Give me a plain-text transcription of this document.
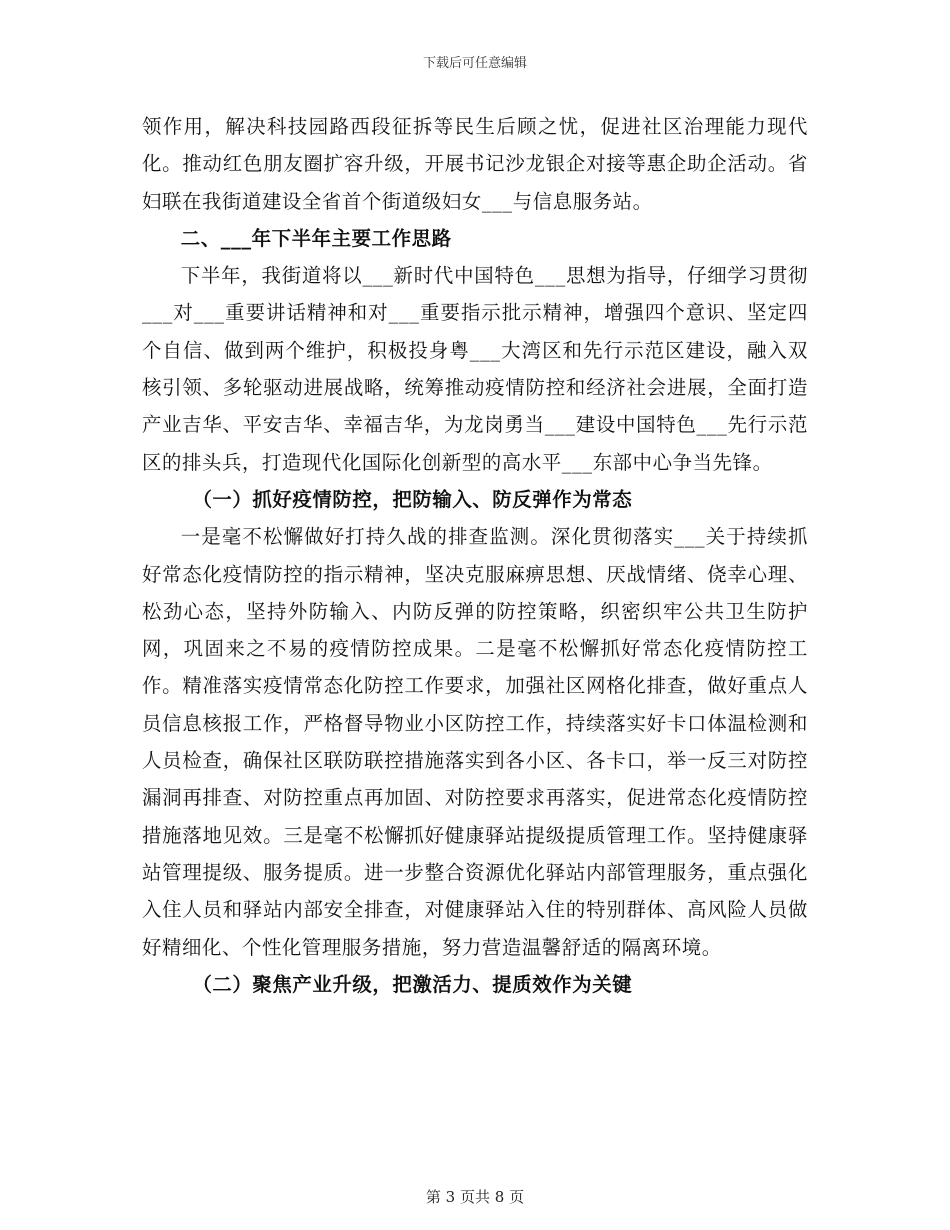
下载后可任意编辑

领作用，解决科技园路西段征拆等民生后顾之忧，促进社区治理能力现代化。推动红色朋友圈扩容升级，开展书记沙龙银企对接等惠企助企活动。省妇联在我街道建设全省首个街道级妇女___与信息服务站。

二、___年下半年主要工作思路

下半年，我街道将以___新时代中国特色___思想为指导，仔细学习贯彻___对___重要讲话精神和对___重要指示批示精神，增强四个意识、坚定四个自信、做到两个维护，积极投身粤___大湾区和先行示范区建设，融入双核引领、多轮驱动进展战略，统筹推动疫情防控和经济社会进展，全面打造产业吉华、平安吉华、幸福吉华，为龙岗勇当___建设中国特色___先行示范区的排头兵，打造现代化国际化创新型的高水平___东部中心争当先锋。

（一）抓好疫情防控，把防输入、防反弹作为常态

一是毫不松懈做好打持久战的排查监测。深化贯彻落实___关于持续抓好常态化疫情防控的指示精神，坚决克服麻痹思想、厌战情绪、侥幸心理、松劲心态，坚持外防输入、内防反弹的防控策略，织密织牢公共卫生防护网，巩固来之不易的疫情防控成果。二是毫不松懈抓好常态化疫情防控工作。精准落实疫情常态化防控工作要求，加强社区网格化排查，做好重点人员信息核报工作，严格督导物业小区防控工作，持续落实好卡口体温检测和人员检查，确保社区联防联控措施落实到各小区、各卡口，举一反三对防控漏洞再排查、对防控重点再加固、对防控要求再落实，促进常态化疫情防控措施落地见效。三是毫不松懈抓好健康驿站提级提质管理工作。坚持健康驿站管理提级、服务提质。进一步整合资源优化驿站内部管理服务，重点强化入住人员和驿站内部安全排查，对健康驿站入住的特别群体、高风险人员做好精细化、个性化管理服务措施，努力营造温馨舒适的隔离环境。

（二）聚焦产业升级，把激活力、提质效作为关键

第 3 页共 8 页
